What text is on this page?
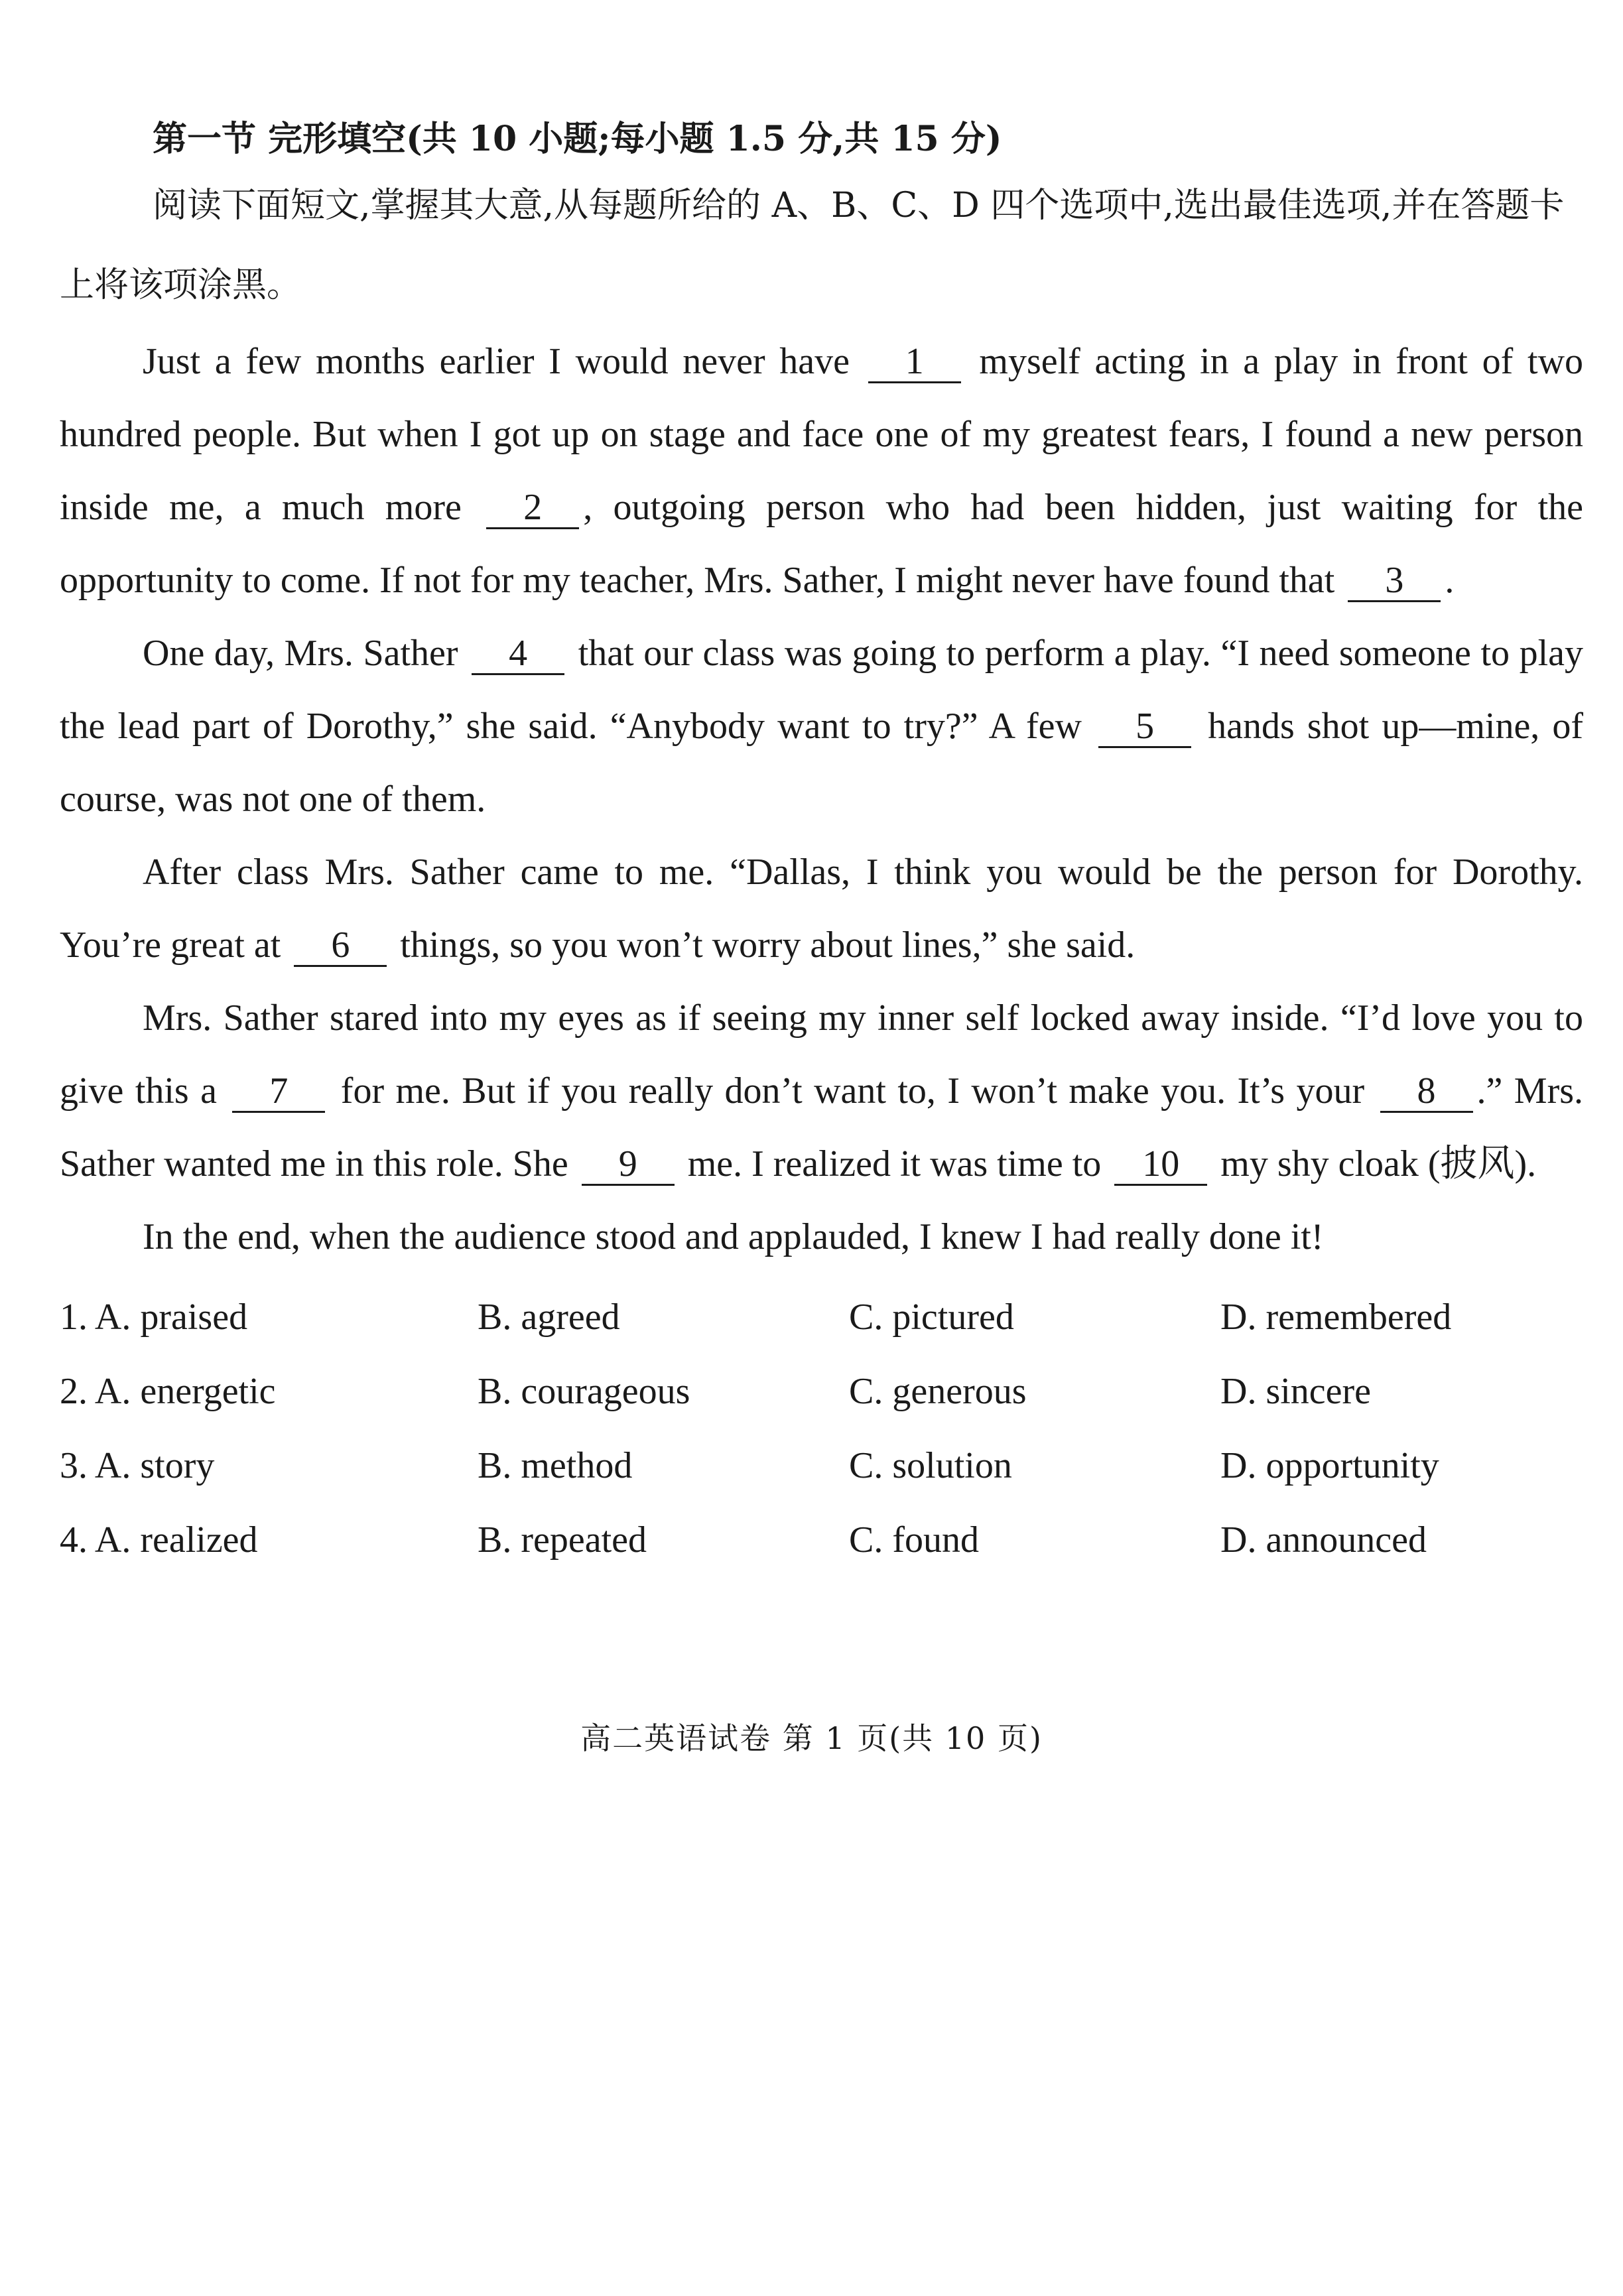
第一节 完形填空(共 10 小题;每小题 1.5 分,共 15 分)

阅读下面短文,掌握其大意,从每题所给的 A、B、C、D 四个选项中,选出最佳选项,并在答题卡上将该项涂黑。

Just a few months earlier I would never have 1 myself acting in a play in front of two hundred people. But when I got up on stage and face one of my greatest fears, I found a new person inside me, a much more 2 , outgoing person who had been hidden, just waiting for the opportunity to come. If not for my teacher, Mrs. Sather, I might never have found that 3 .

One day, Mrs. Sather 4 that our class was going to perform a play. “I need someone to play the lead part of Dorothy,” she said. “Anybody want to try?” A few 5 hands shot up—mine, of course, was not one of them.

After class Mrs. Sather came to me. “Dallas, I think you would be the person for Dorothy. You’re great at 6 things, so you won’t worry about lines,” she said.

Mrs. Sather stared into my eyes as if seeing my inner self locked away inside. “I’d love you to give this a 7 for me. But if you really don’t want to, I won’t make you. It’s your 8 .” Mrs. Sather wanted me in this role. She 9 me. I realized it was time to 10 my shy cloak (披风).

In the end, when the audience stood and applauded, I knew I had really done it!

1. A. praised	B. agreed	C. pictured	D. remembered
2. A. energetic	B. courageous	C. generous	D. sincere
3. A. story	B. method	C. solution	D. opportunity
4. A. realized	B. repeated	C. found	D. announced
高二英语试卷 第 1 页(共 10 页)
